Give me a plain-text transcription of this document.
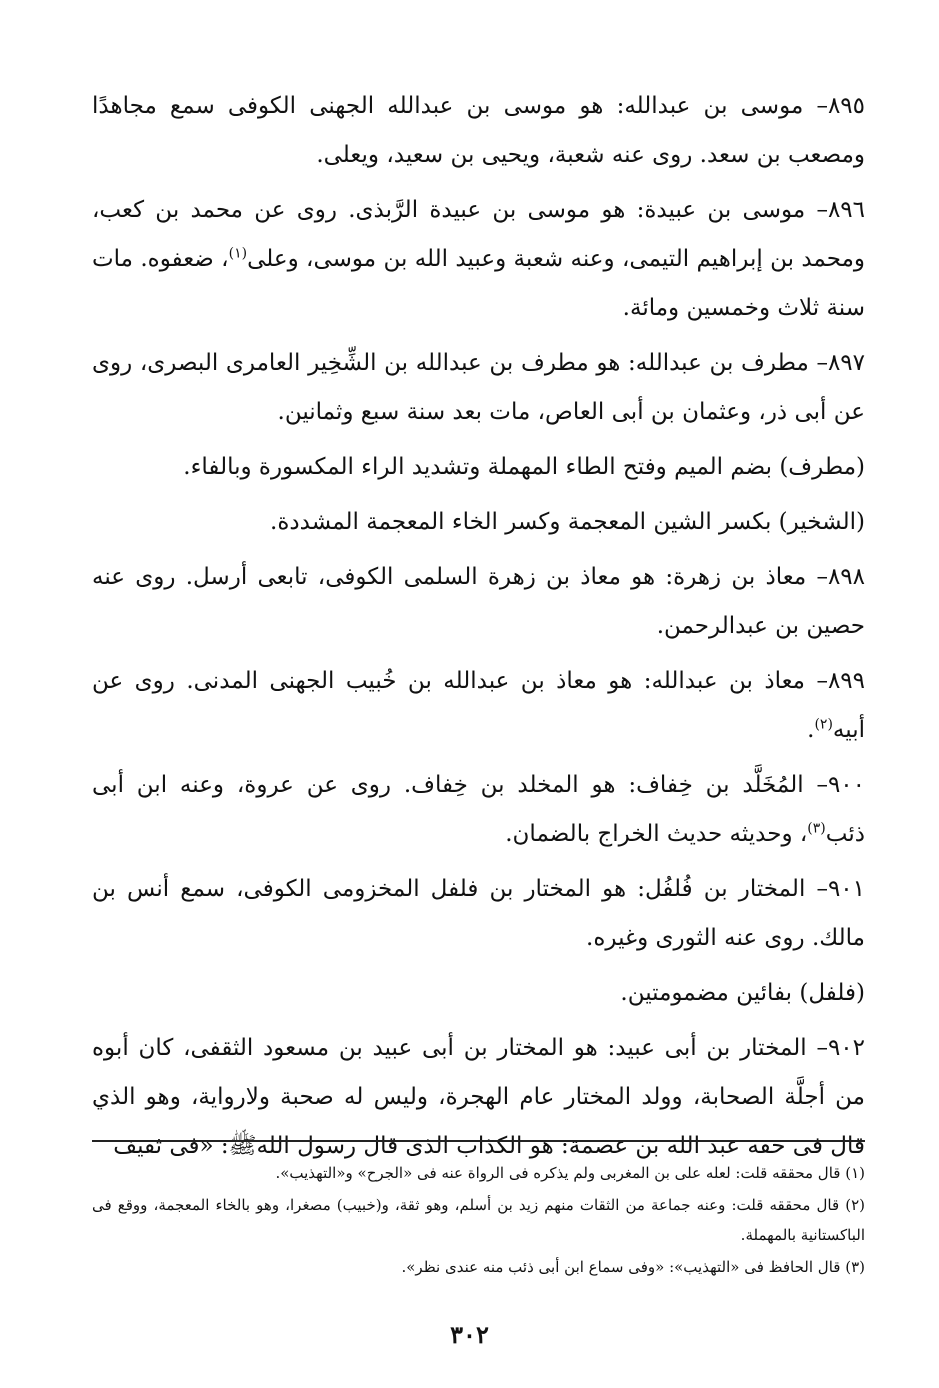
٨٩٥– موسى بن عبدالله: هو موسى بن عبدالله الجهنى الكوفى سمع مجاهدًا ومصعب بن سعد. روى عنه شعبة، ويحيى بن سعيد، ويعلى.

٨٩٦– موسى بن عبيدة: هو موسى بن عبيدة الرَّبذى. روى عن محمد بن كعب، ومحمد بن إبراهيم التيمى، وعنه شعبة وعبيد الله بن موسى، وعلى$^{(١)}$، ضعفوه. مات سنة ثلاث وخمسين ومائة.

٨٩٧– مطرف بن عبدالله: هو مطرف بن عبدالله بن الشِّخِير العامرى البصرى، روى عن أبى ذر، وعثمان بن أبى العاص، مات بعد سنة سبع وثمانين.

(مطرف) بضم الميم وفتح الطاء المهملة وتشديد الراء المكسورة وبالفاء.

(الشخير) بكسر الشين المعجمة وكسر الخاء المعجمة المشددة.

٨٩٨– معاذ بن زهرة: هو معاذ بن زهرة السلمى الكوفى، تابعى أرسل. روى عنه حصين بن عبدالرحمن.

٨٩٩– معاذ بن عبدالله: هو معاذ بن عبدالله بن خُبيب الجهنى المدنى. روى عن أبيه$^{(٢)}$.

٩٠٠– المُخَلَّد بن خِفاف: هو المخلد بن خِفاف. روى عن عروة، وعنه ابن أبى ذئب$^{(٣)}$، وحديثه حديث الخراج بالضمان.

٩٠١– المختار بن فُلفُل: هو المختار بن فلفل المخزومى الكوفى، سمع أنس بن مالك. روى عنه الثورى وغيره.

(فلفل) بفائين مضمومتين.

٩٠٢– المختار بن أبى عبيد: هو المختار بن أبى عبيد بن مسعود الثقفى، كان أبوه من أجلَّة الصحابة، وولد المختار عام الهجرة، وليس له صحبة ولارواية، وهو الذي قال فى حقه عبد الله بن عصمة: هو الكذاب الذى قال رسول اللهﷺ: «فى ثقيف

(١) قال محققه قلت: لعله على بن المغربى ولم يذكره فى الرواة عنه فى «الجرح» و«التهذيب».

(٢) قال محققه قلت: وعنه جماعة من الثقات منهم زيد بن أسلم، وهو ثقة، و(خبيب) مصغرا، وهو بالخاء المعجمة، ووقع فى الباكستانية بالمهملة.

(٣) قال الحافظ فى «التهذيب»: «وفى سماع ابن أبى ذئب منه عندى نظر».

٣٠٢
